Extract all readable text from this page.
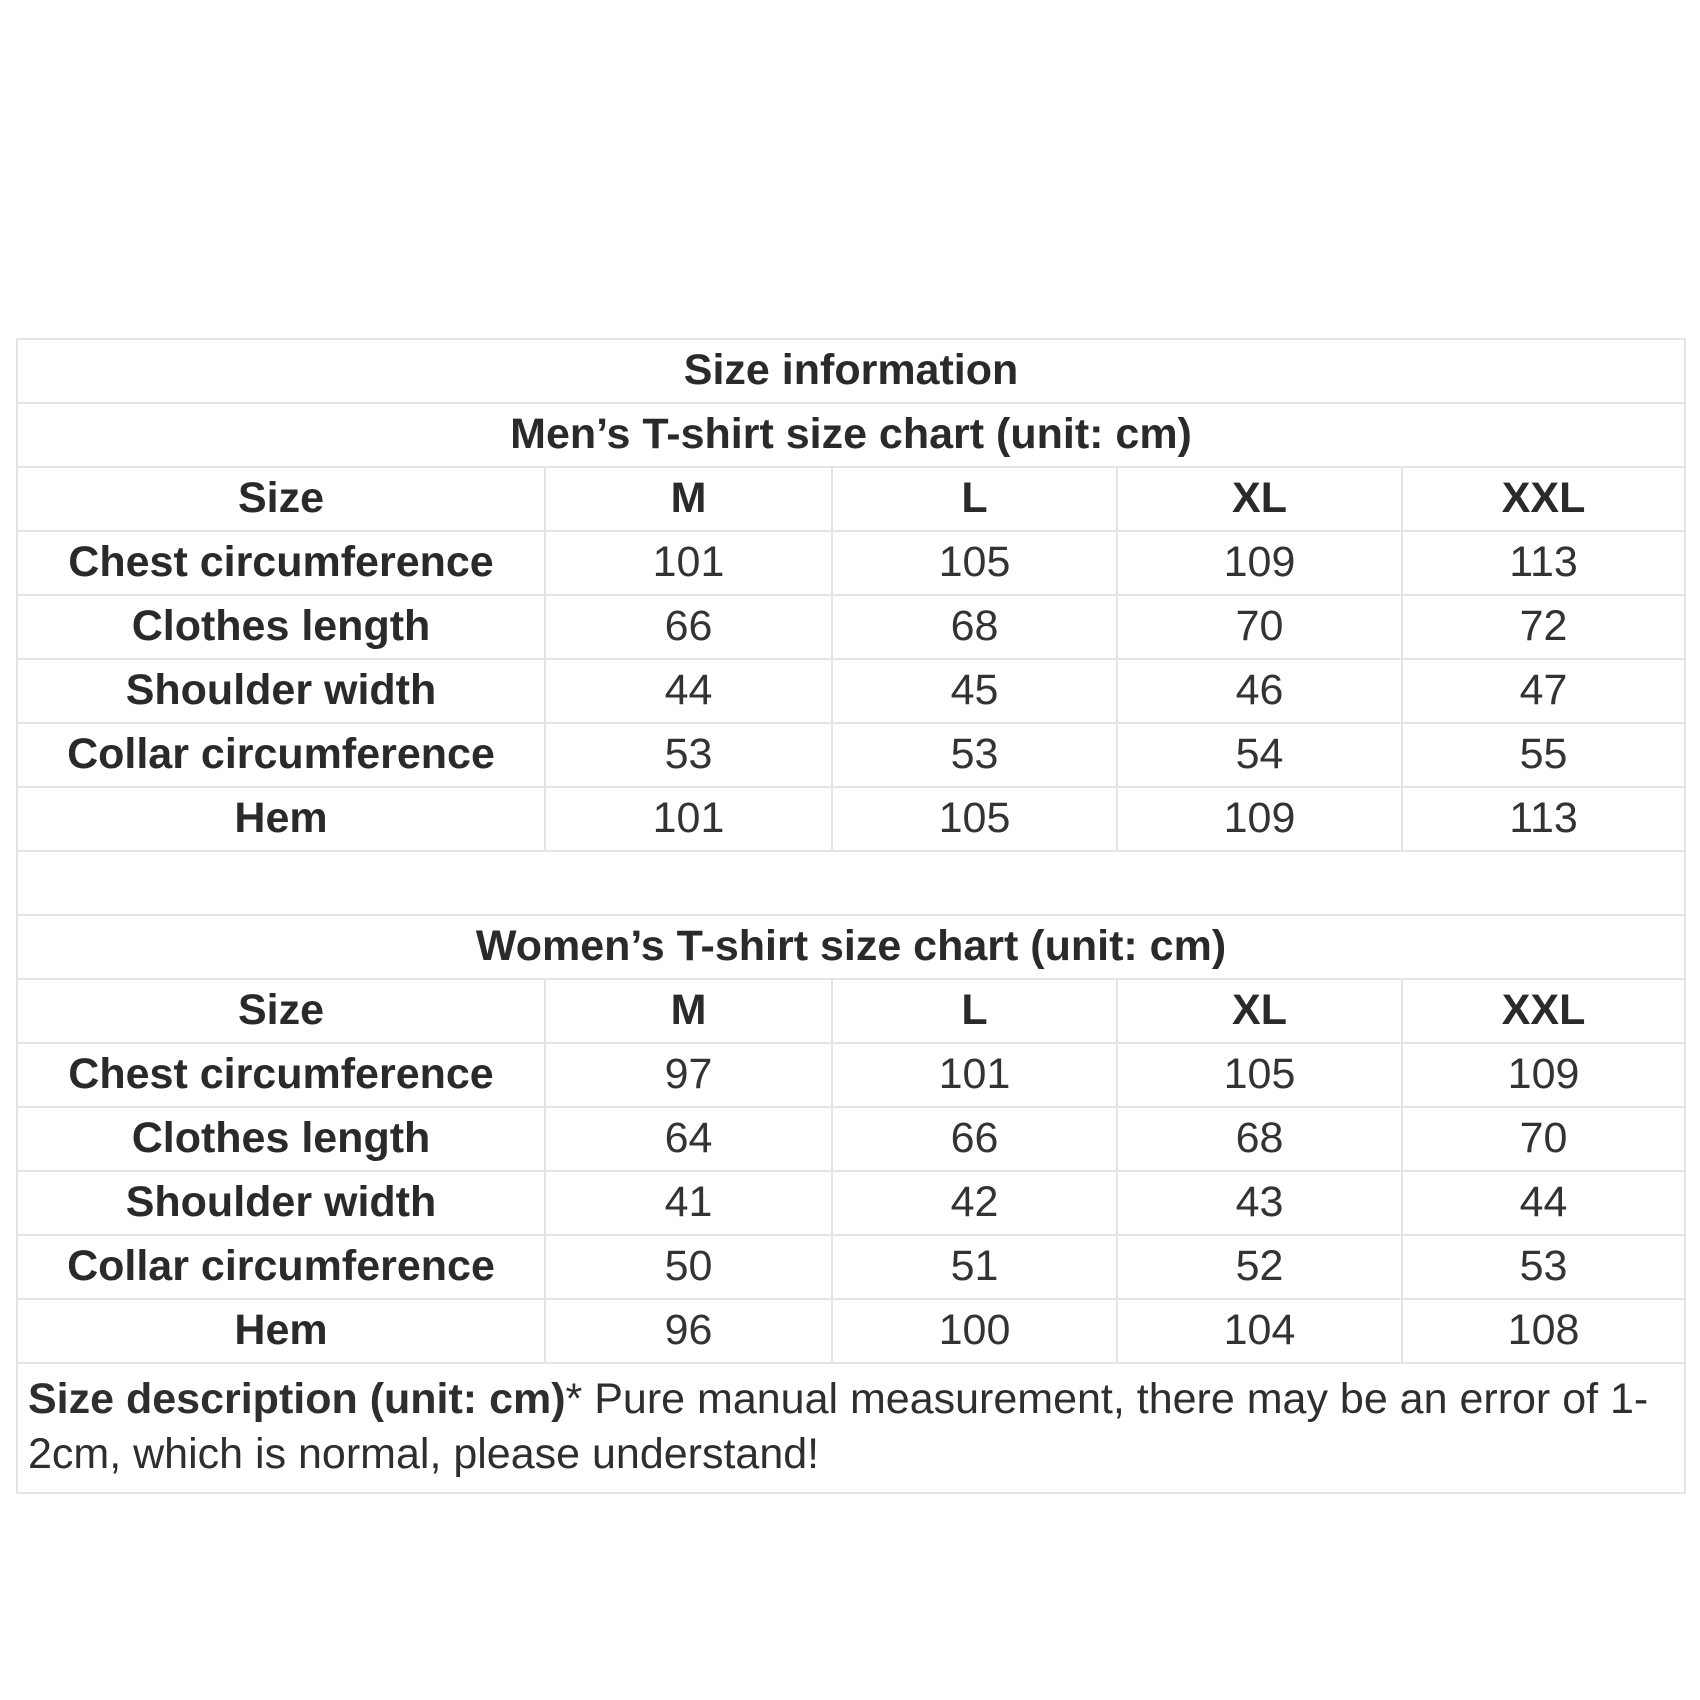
Size information				
Men’s T-shirt size chart (unit: cm)				
Size	M	L	XL	XXL
Chest circumference	101	105	109	113
Clothes length	66	68	70	72
Shoulder width	44	45	46	47
Collar circumference	53	53	54	55
Hem	101	105	109	113

Women’s T-shirt size chart (unit: cm)				
Size	M	L	XL	XXL
Chest circumference	97	101	105	109
Clothes length	64	66	68	70
Shoulder width	41	42	43	44
Collar circumference	50	51	52	53
Hem	96	100	104	108
Size description (unit: cm)* Pure manual measurement, there may be an error of 1-2cm, which is normal, please understand!				
